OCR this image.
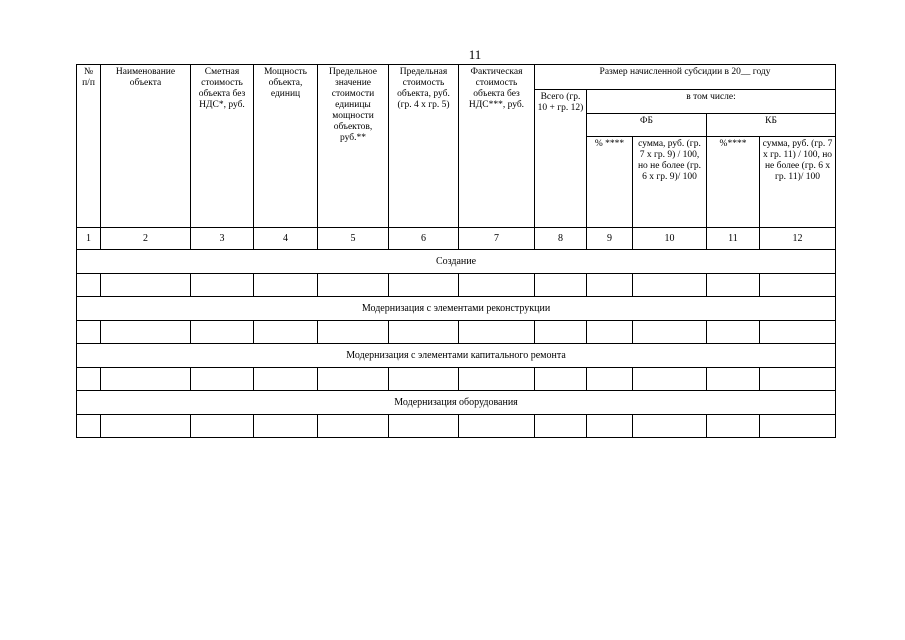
11
№ п/п	Наименование объекта	Сметная стоимость объекта без НДС*, руб.	Мощность объекта, единиц	Предельное значение стоимости единицы мощности объектов, руб.**	Предельная стоимость объекта, руб. (гр. 4 х гр. 5)	Фактическая стоимость объекта без НДС***, руб.	Размер начисленной субсидии в 20__ году				
							Всего (гр. 10 + гр. 12)	в том числе:			
								ФБ		КБ	
								% ****	сумма, руб. (гр. 7 х гр. 9) / 100, но не более (гр. 6 х гр. 9)/ 100	%****	сумма, руб. (гр. 7 х гр. 11) / 100, но не более (гр. 6 х гр. 11)/ 100
1	2	3	4	5	6	7	8	9	10	11	12
Создание											

Модернизация с элементами реконструкции											

Модернизация с элементами капитального ремонта											

Модернизация оборудования											
